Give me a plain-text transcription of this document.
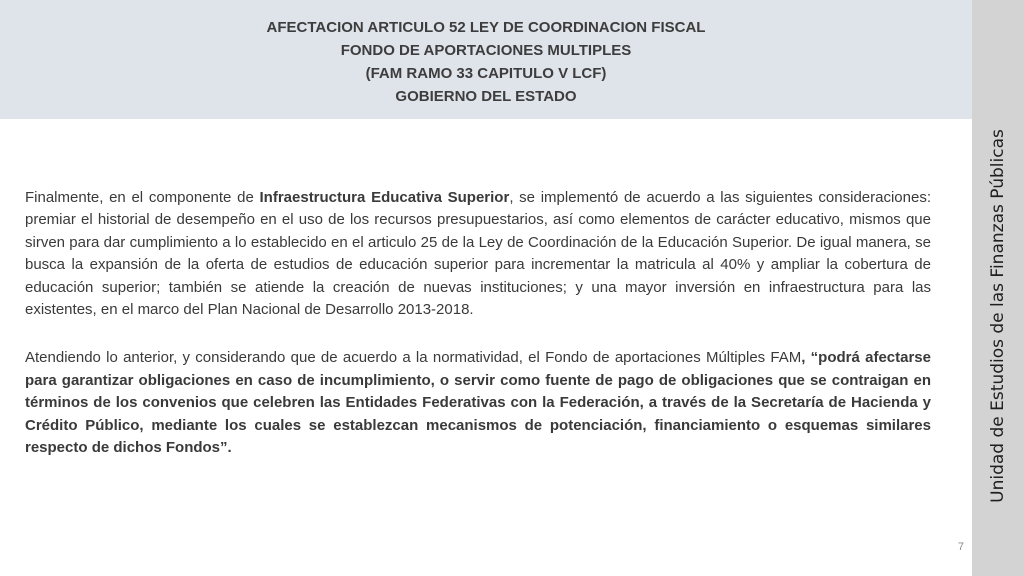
AFECTACION ARTICULO 52 LEY DE COORDINACION FISCAL
FONDO DE APORTACIONES MULTIPLES
(FAM RAMO 33 CAPITULO V LCF)
GOBIERNO DEL ESTADO
Unidad de Estudios de las Finanzas Públicas

Finalmente, en el componente de Infraestructura Educativa Superior, se implementó de acuerdo a las siguientes consideraciones: premiar el historial de desempeño en el uso de los recursos presupuestarios, así como elementos de carácter educativo, mismos que sirven para dar cumplimiento a lo establecido en el articulo 25 de la Ley de Coordinación de la Educación Superior. De igual manera, se busca la expansión de la oferta de estudios de educación superior para incrementar la matricula al 40% y ampliar la cobertura de educación superior; también se atiende la creación de nuevas instituciones; y una mayor inversión en infraestructura para las existentes, en el marco del Plan Nacional de Desarrollo 2013-2018.

Atendiendo lo anterior, y considerando que de acuerdo a la normatividad, el Fondo de aportaciones Múltiples FAM, “podrá afectarse para garantizar obligaciones en caso de incumplimiento, o servir como fuente de pago de obligaciones que se contraigan en términos de los convenios que celebren las Entidades Federativas con la Federación, a través de la Secretaría de Hacienda y Crédito Público, mediante los cuales se establezcan mecanismos de potenciación, financiamiento o esquemas similares respecto de dichos Fondos”.

7
